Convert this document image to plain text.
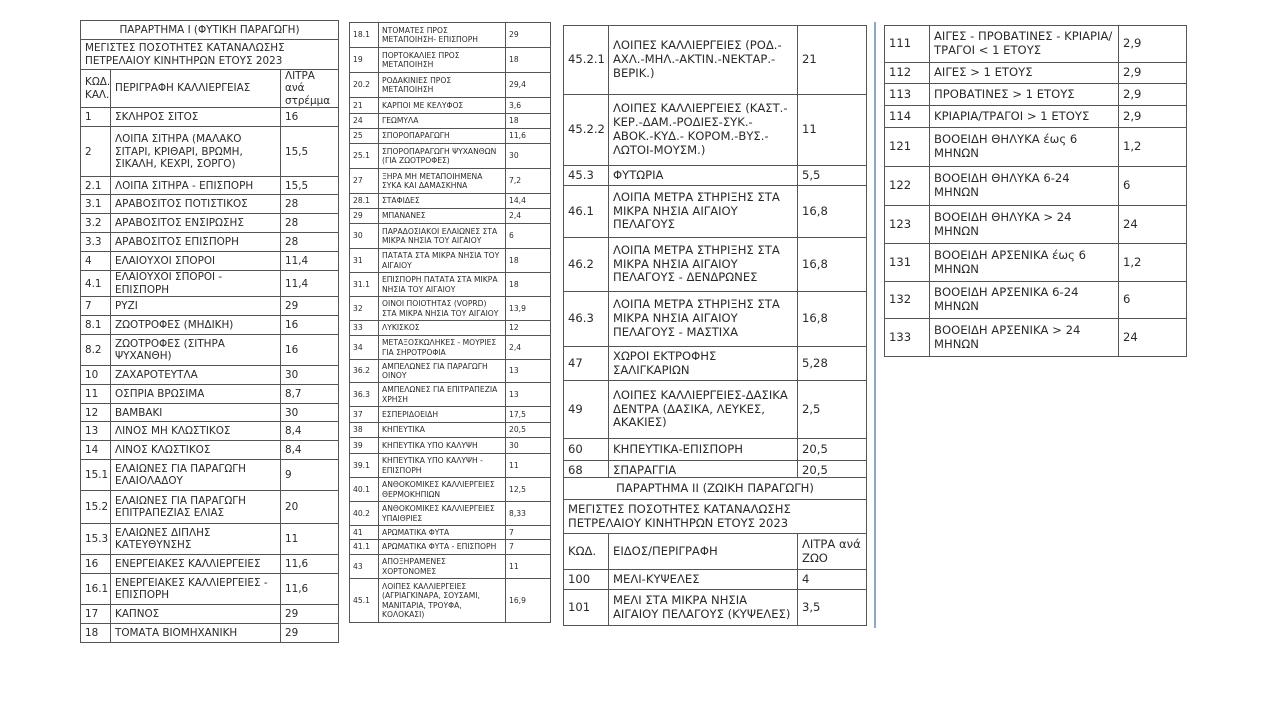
ΠΑΡΑΡΤΗΜΑ Ι (ΦΥΤΙΚΗ ΠΑΡΑΓΩΓΗ)		
ΜΕΓΙΣΤΕΣ ΠΟΣΟΤΗΤΕΣ ΚΑΤΑΝΑΛΩΣΗΣ ΠΕΤΡΕΛΑΙΟΥ ΚΙΝΗΤΗΡΩΝ ΕΤΟΥΣ 2023		
ΚΩΔ. ΚΑΛ.	ΠΕΡΙΓΡΑΦΗ ΚΑΛΛΙΕΡΓΕΙΑΣ	ΛΙΤΡΑ ανά στρέμμα
1	ΣΚΛΗΡΟΣ ΣΙΤΟΣ	16
2	ΛΟΙΠΑ ΣΙΤΗΡΑ (ΜΑΛΑΚΟ ΣΙΤΑΡΙ, ΚΡΙΘΑΡΙ, ΒΡΩΜΗ, ΣΙΚΑΛΗ, ΚΕΧΡΙ, ΣΟΡΓΟ)	15,5
2.1	ΛΟΙΠΑ ΣΙΤΗΡΑ - ΕΠΙΣΠΟΡΗ	15,5
3.1	ΑΡΑΒΟΣΙΤΟΣ ΠΟΤΙΣΤΙΚΟΣ	28
3.2	ΑΡΑΒΟΣΙΤΟΣ ΕΝΣΙΡΩΣΗΣ	28
3.3	ΑΡΑΒΟΣΙΤΟΣ ΕΠΙΣΠΟΡΗ	28
4	ΕΛΑΙΟΥΧΟΙ ΣΠΟΡΟΙ	11,4
4.1	ΕΛΑΙΟΥΧΟΙ ΣΠΟΡΟΙ - ΕΠΙΣΠΟΡΗ	11,4
7	ΡΥΖΙ	29
8.1	ΖΩΟΤΡΟΦΕΣ (ΜΗΔΙΚΗ)	16
8.2	ΖΩΟΤΡΟΦΕΣ (ΣΙΤΗΡΑ ΨΥΧΑΝΘΗ)	16
10	ΖΑΧΑΡΟΤΕΥΤΛΑ	30
11	ΟΣΠΡΙΑ ΒΡΩΣΙΜΑ	8,7
12	ΒΑΜΒΑΚΙ	30
13	ΛΙΝΟΣ ΜΗ ΚΛΩΣΤΙΚΟΣ	8,4
14	ΛΙΝΟΣ ΚΛΩΣΤΙΚΟΣ	8,4
15.1	ΕΛΑΙΩΝΕΣ ΓΙΑ ΠΑΡΑΓΩΓΗ ΕΛΑΙΟΛΑΔΟΥ	9
15.2	ΕΛΑΙΩΝΕΣ ΓΙΑ ΠΑΡΑΓΩΓΗ ΕΠΙΤΡΑΠΕΖΙΑΣ ΕΛΙΑΣ	20
15.3	ΕΛΑΙΩΝΕΣ ΔΙΠΛΗΣ ΚΑΤΕΥΘΥΝΣΗΣ	11
16	ΕΝΕΡΓΕΙΑΚΕΣ ΚΑΛΛΙΕΡΓΕΙΕΣ	11,6
16.1	ΕΝΕΡΓΕΙΑΚΕΣ ΚΑΛΛΙΕΡΓΕΙΕΣ - ΕΠΙΣΠΟΡΗ	11,6
17	ΚΑΠΝΟΣ	29
18	ΤΟΜΑΤΑ ΒΙΟΜΗΧΑΝΙΚΗ	29
18.1	ΝΤΟΜΑΤΕΣ ΠΡΟΣ ΜΕΤΑΠΟΙΗΣΗ- ΕΠΙΣΠΟΡΗ	29
19	ΠΟΡΤΟΚΑΛΙΕΣ ΠΡΟΣ ΜΕΤΑΠΟΙΗΣΗ	18
20.2	ΡΟΔΑΚΙΝΙΕΣ ΠΡΟΣ ΜΕΤΑΠΟΙΗΣΗ	29,4
21	ΚΑΡΠΟΙ ΜΕ ΚΕΛΥΦΟΣ	3,6
24	ΓΕΩΜΥΛΑ	18
25	ΣΠΟΡΟΠΑΡΑΓΩΓΗ	11,6
25.1	ΣΠΟΡΟΠΑΡΑΓΩΓΗ ΨΥΧΑΝΘΩΝ (ΓΙΑ ΖΩΟΤΡΟΦΕΣ)	30
27	ΞΗΡΑ ΜΗ ΜΕΤΑΠΟΙΗΜΕΝΑ ΣΥΚΑ ΚΑΙ ΔΑΜΑΣΚΗΝΑ	7,2
28.1	ΣΤΑΦΙΔΕΣ	14,4
29	ΜΠΑΝΑΝΕΣ	2,4
30	ΠΑΡΑΔΟΣΙΑΚΟΙ ΕΛΑΙΩΝΕΣ ΣΤΑ ΜΙΚΡΑ ΝΗΣΙΑ ΤΟΥ ΑΙΓΑΙΟΥ	6
31	ΠΑΤΑΤΑ ΣΤΑ ΜΙΚΡΑ ΝΗΣΙΑ ΤΟΥ ΑΙΓΑΙΟΥ	18
31.1	ΕΠΙΣΠΟΡΗ ΠΑΤΑΤΑ ΣΤΑ ΜΙΚΡΑ ΝΗΣΙΑ ΤΟΥ ΑΙΓΑΙΟΥ	18
32	ΟΙΝΟΙ ΠΟΙΟΤΗΤΑΣ (VOPRD) ΣΤΑ ΜΙΚΡΑ ΝΗΣΙΑ ΤΟΥ ΑΙΓΑΙΟΥ	13,9
33	ΛΥΚΙΣΚΟΣ	12
34	ΜΕΤΑΞΟΣΚΩΛΗΚΕΣ - ΜΟΥΡΙΕΣ ΓΙΑ ΣΗΡΟΤΡΟΦΙΑ	2,4
36.2	ΑΜΠΕΛΩΝΕΣ ΓΙΑ ΠΑΡΑΓΩΓΗ ΟΙΝΟΥ	13
36.3	ΑΜΠΕΛΩΝΕΣ ΓΙΑ ΕΠΙΤΡΑΠΕΖΙΑ ΧΡΗΣΗ	13
37	ΕΣΠΕΡΙΔΟΕΙΔΗ	17,5
38	ΚΗΠΕΥΤΙΚΑ	20,5
39	ΚΗΠΕΥΤΙΚΑ ΥΠΟ ΚΑΛΥΨΗ	30
39.1	ΚΗΠΕΥΤΙΚΑ ΥΠΟ ΚΑΛΥΨΗ - ΕΠΙΣΠΟΡΗ	11
40.1	ΑΝΘΟΚΟΜΙΚΕΣ ΚΑΛΛΙΕΡΓΕΙΕΣ ΘΕΡΜΟΚΗΠΙΩΝ	12,5
40.2	ΑΝΘΟΚΟΜΙΚΕΣ ΚΑΛΛΙΕΡΓΕΙΕΣ ΥΠΑΙΘΡΙΕΣ	8,33
41	ΑΡΩΜΑΤΙΚΑ ΦΥΤΑ	7
41.1	ΑΡΩΜΑΤΙΚΑ ΦΥΤΑ - ΕΠΙΣΠΟΡΗ	7
43	ΑΠΟΞΗΡΑΜΕΝΕΣ ΧΟΡΤΟΝΟΜΕΣ	11
45.1	ΛΟΙΠΕΣ ΚΑΛΛΙΕΡΓΕΙΕΣ (ΑΓΡΙΑΓΚΙΝΑΡΑ, ΣΟΥΣΑΜΙ, ΜΑΝΙΤΑΡΙΑ, ΤΡΟΥΦΑ, ΚΟΛΟΚΑΣΙ)	16,9
45.2.1	ΛΟΙΠΕΣ ΚΑΛΛΙΕΡΓΕΙΕΣ (ΡΟΔ.-ΑΧΛ.-ΜΗΛ.-ΑΚΤΙΝ.-ΝΕΚΤΑΡ.-ΒΕΡΙΚ.)	21
45.2.2	ΛΟΙΠΕΣ ΚΑΛΛΙΕΡΓΕΙΕΣ (ΚΑΣΤ.-ΚΕΡ.-ΔΑΜ.-ΡΟΔΙΕΣ-ΣΥΚ.-ΑΒΟΚ.-ΚΥΔ.- ΚΟΡΟΜ.-ΒΥΣ.-ΛΩΤΟΙ-ΜΟΥΣΜ.)	11
45.3	ΦΥΤΩΡΙΑ	5,5
46.1	ΛΟΙΠΑ ΜΕΤΡΑ ΣΤΗΡΙΞΗΣ ΣΤΑ ΜΙΚΡΑ ΝΗΣΙΑ ΑΙΓΑΙΟΥ ΠΕΛΑΓΟΥΣ	16,8
46.2	ΛΟΙΠΑ ΜΕΤΡΑ ΣΤΗΡΙΞΗΣ ΣΤΑ ΜΙΚΡΑ ΝΗΣΙΑ ΑΙΓΑΙΟΥ ΠΕΛΑΓΟΥΣ - ΔΕΝΔΡΩΝΕΣ	16,8
46.3	ΛΟΙΠΑ ΜΕΤΡΑ ΣΤΗΡΙΞΗΣ ΣΤΑ ΜΙΚΡΑ ΝΗΣΙΑ ΑΙΓΑΙΟΥ ΠΕΛΑΓΟΥΣ - ΜΑΣΤΙΧΑ	16,8
47	ΧΩΡΟΙ ΕΚΤΡΟΦΗΣ ΣΑΛΙΓΚΑΡΙΩΝ	5,28
49	ΛΟΙΠΕΣ ΚΑΛΛΙΕΡΓΕΙΕΣ-ΔΑΣΙΚΑ ΔΕΝΤΡΑ (ΔΑΣΙΚΑ, ΛΕΥΚΕΣ, ΑΚΑΚΙΕΣ)	2,5
60	ΚΗΠΕΥΤΙΚΑ-ΕΠΙΣΠΟΡΗ	20,5
68	ΣΠΑΡΑΓΓΙΑ	20,5
ΠΑΡΑΡΤΗΜΑ ΙΙ (ΖΩΙΚΗ ΠΑΡΑΓΩΓΗ)		
ΜΕΓΙΣΤΕΣ ΠΟΣΟΤΗΤΕΣ ΚΑΤΑΝΑΛΩΣΗΣ ΠΕΤΡΕΛΑΙΟΥ ΚΙΝΗΤΗΡΩΝ ΕΤΟΥΣ 2023		
ΚΩΔ.	ΕΙΔΟΣ/ΠΕΡΙΓΡΑΦΗ	ΛΙΤΡΑ ανά ΖΩΟ
100	ΜΕΛΙ-ΚΥΨΕΛΕΣ	4
101	ΜΕΛΙ ΣΤΑ ΜΙΚΡΑ ΝΗΣΙΑ ΑΙΓΑΙΟΥ ΠΕΛΑΓΟΥΣ (ΚΥΨΕΛΕΣ)	3,5
111	ΑΙΓΕΣ - ΠΡΟΒΑΤΙΝΕΣ - ΚΡΙΑΡΙΑ/ ΤΡΑΓΟΙ < 1 ΕΤΟΥΣ	2,9
112	ΑΙΓΕΣ > 1 ΕΤΟΥΣ	2,9
113	ΠΡΟΒΑΤΙΝΕΣ > 1 ΕΤΟΥΣ	2,9
114	ΚΡΙΑΡΙΑ/ΤΡΑΓΟΙ > 1 ΕΤΟΥΣ	2,9
121	ΒΟΟΕΙΔΗ ΘΗΛΥΚΑ έως 6 ΜΗΝΩΝ	1,2
122	ΒΟΟΕΙΔΗ ΘΗΛΥΚΑ 6-24 ΜΗΝΩΝ	6
123	ΒΟΟΕΙΔΗ ΘΗΛΥΚΑ > 24 ΜΗΝΩΝ	24
131	ΒΟΟΕΙΔΗ ΑΡΣΕΝΙΚΑ έως 6 ΜΗΝΩΝ	1,2
132	ΒΟΟΕΙΔΗ ΑΡΣΕΝΙΚΑ 6-24 ΜΗΝΩΝ	6
133	ΒΟΟΕΙΔΗ ΑΡΣΕΝΙΚΑ > 24 ΜΗΝΩΝ	24
